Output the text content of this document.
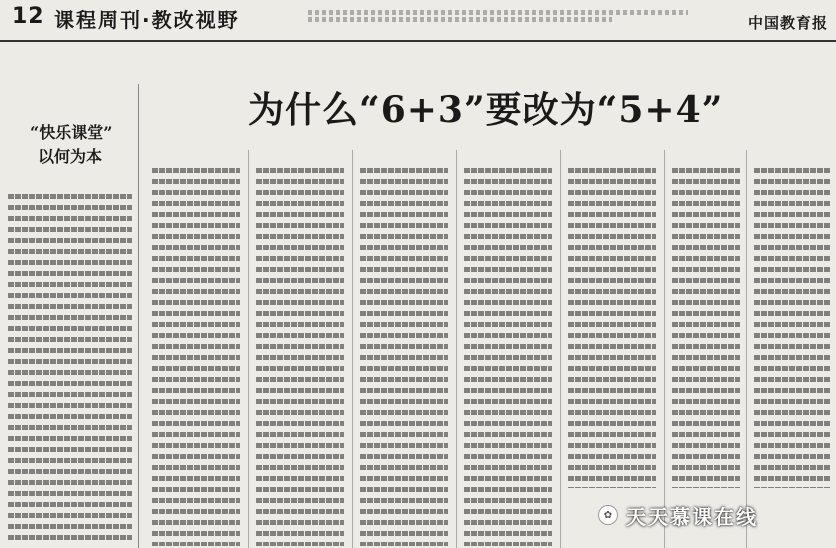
12 课程周刊·教改视野	中国教育报
“快乐课堂”
以何为本
为什么“6+3”要改为“5+4”
✿ 天天慕课在线
